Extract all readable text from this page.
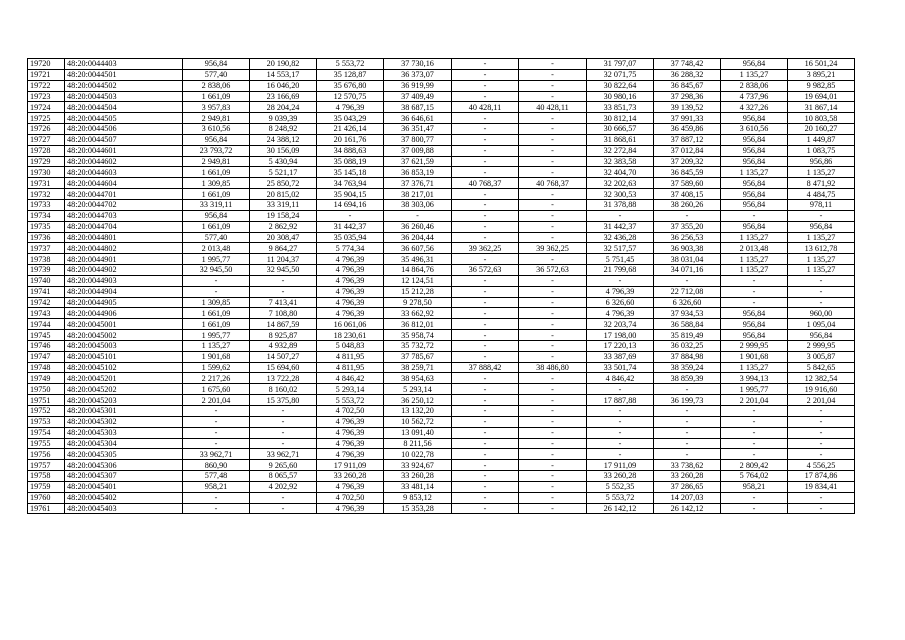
19720	48:20:0044403	956,84	20 190,82	5 553,72	37 730,16	-	-	31 797,07	37 748,42	956,84	16 501,24
19721	48:20:0044501	577,40	14 553,17	35 128,87	36 373,07	-	-	32 071,75	36 288,32	1 135,27	3 895,21
19722	48:20:0044502	2 838,06	16 046,20	35 676,80	36 919,99	-	-	30 822,64	36 845,67	2 838,06	9 982,85
19723	48:20:0044503	1 661,09	23 166,69	12 570,75	37 409,49	-	-	30 980,16	37 298,36	4 737,96	19 694,01
19724	48:20:0044504	3 957,83	28 204,24	4 796,39	38 687,15	40 428,11	40 428,11	33 851,73	39 139,52	4 327,26	31 867,14
19725	48:20:0044505	2 949,81	9 039,39	35 043,29	36 646,61	-	-	30 812,14	37 991,33	956,84	10 803,58
19726	48:20:0044506	3 610,56	8 248,92	21 426,14	36 351,47	-	-	30 666,57	36 459,86	3 610,56	20 160,27
19727	48:20:0044507	956,84	24 388,12	20 161,76	37 800,77	-	-	31 868,61	37 887,12	956,84	1 449,87
19728	48:20:0044601	23 793,72	30 156,09	34 888,63	37 009,88	-	-	32 272,84	37 012,84	956,84	1 083,75
19729	48:20:0044602	2 949,81	5 430,94	35 088,19	37 621,59	-	-	32 383,58	37 209,32	956,84	956,86
19730	48:20:0044603	1 661,09	5 521,17	35 145,18	36 853,19	-	-	32 404,70	36 845,59	1 135,27	1 135,27
19731	48:20:0044604	1 309,85	25 850,72	34 763,94	37 376,71	40 768,37	40 768,37	32 202,63	37 589,60	956,84	8 471,92
19732	48:20:0044701	1 661,09	20 815,02	35 904,15	38 217,01	-	-	32 300,53	37 408,15	956,84	4 484,75
19733	48:20:0044702	33 319,11	33 319,11	14 694,16	38 303,06	-	-	31 378,88	38 260,26	956,84	978,11
19734	48:20:0044703	956,84	19 158,24	-	-	-	-	-	-	-	-
19735	48:20:0044704	1 661,09	2 862,92	31 442,37	36 260,46	-	-	31 442,37	37 355,20	956,84	956,84
19736	48:20:0044801	577,40	20 308,47	35 035,94	36 204,44	-	-	32 436,28	36 256,53	1 135,27	1 135,27
19737	48:20:0044802	2 013,48	9 864,27	5 774,34	36 607,56	39 362,25	39 362,25	32 517,57	36 903,38	2 013,48	13 612,78
19738	48:20:0044901	1 995,77	11 204,37	4 796,39	35 496,31	-	-	5 751,45	38 031,04	1 135,27	1 135,27
19739	48:20:0044902	32 945,50	32 945,50	4 796,39	14 864,76	36 572,63	36 572,63	21 799,68	34 071,16	1 135,27	1 135,27
19740	48:20:0044903	-	-	4 796,39	12 124,51	-	-	-	-	-	-
19741	48:20:0044904	-	-	4 796,39	15 212,28	-	-	4 796,39	22 712,08	-	-
19742	48:20:0044905	1 309,85	7 413,41	4 796,39	9 278,50	-	-	6 326,60	6 326,60	-	-
19743	48:20:0044906	1 661,09	7 108,80	4 796,39	33 662,92	-	-	4 796,39	37 934,53	956,84	960,00
19744	48:20:0045001	1 661,09	14 867,59	16 061,06	36 812,01	-	-	32 203,74	36 588,84	956,84	1 095,04
19745	48:20:0045002	1 995,77	8 925,87	18 230,61	35 958,74	-	-	17 198,00	35 819,49	956,84	956,84
19746	48:20:0045003	1 135,27	4 932,89	5 048,83	35 732,72	-	-	17 220,13	36 032,25	2 999,95	2 999,95
19747	48:20:0045101	1 901,68	14 507,27	4 811,95	37 785,67	-	-	33 387,69	37 884,98	1 901,68	3 005,87
19748	48:20:0045102	1 599,62	15 694,60	4 811,95	38 259,71	37 888,42	38 486,80	33 501,74	38 359,24	1 135,27	5 842,65
19749	48:20:0045201	2 217,26	13 722,28	4 846,42	38 954,63	-	-	4 846,42	38 859,39	3 994,13	12 382,54
19750	48:20:0045202	1 675,60	8 160,02	5 293,14	5 293,14	-	-	-	-	1 995,77	19 916,60
19751	48:20:0045203	2 201,04	15 375,80	5 553,72	36 250,12	-	-	17 887,88	36 199,73	2 201,04	2 201,04
19752	48:20:0045301	-	-	4 702,50	13 132,20	-	-	-	-	-	-
19753	48:20:0045302	-	-	4 796,39	10 562,72	-	-	-	-	-	-
19754	48:20:0045303	-	-	4 796,39	13 091,40	-	-	-	-	-	-
19755	48:20:0045304	-	-	4 796,39	8 211,56	-	-	-	-	-	-
19756	48:20:0045305	33 962,71	33 962,71	4 796,39	10 022,78	-	-	-	-	-	-
19757	48:20:0045306	860,90	9 265,60	17 911,09	33 924,67	-	-	17 911,09	33 738,62	2 809,42	4 556,25
19758	48:20:0045307	577,48	8 065,57	33 260,28	33 260,28	-	-	33 260,28	33 260,28	5 764,02	17 874,86
19759	48:20:0045401	958,21	4 202,92	4 796,39	33 481,14	-	-	5 552,35	37 286,65	958,21	19 834,41
19760	48:20:0045402	-	-	4 702,50	9 853,12	-	-	5 553,72	14 207,03	-	-
19761	48:20:0045403	-	-	4 796,39	15 353,28	-	-	26 142,12	26 142,12	-	-
